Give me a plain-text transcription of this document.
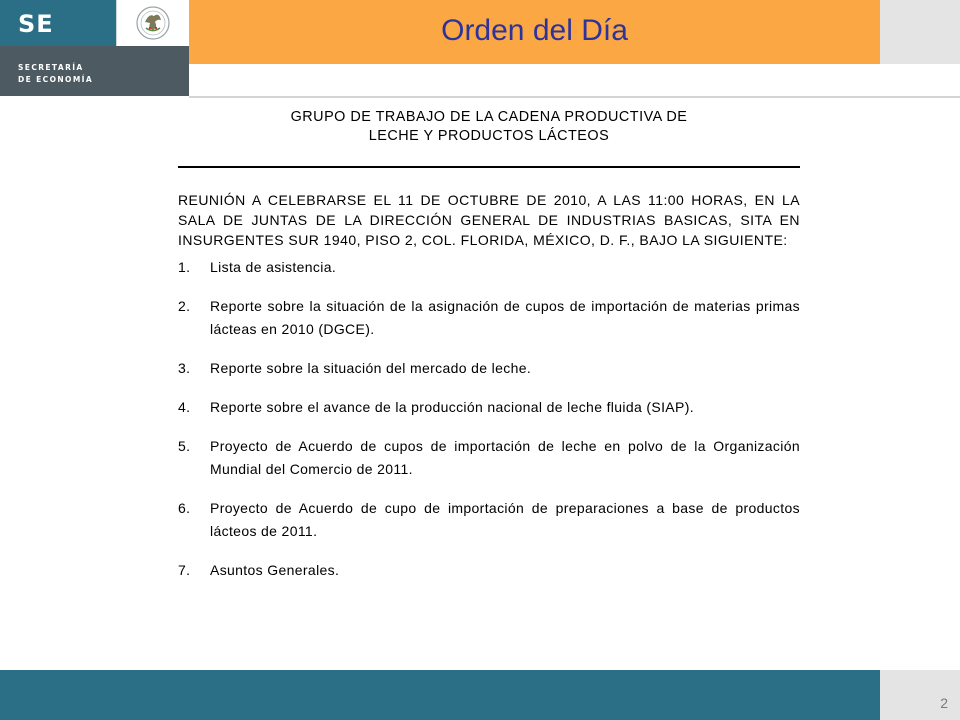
SE
SECRETARÍA
DE ECONOMÍA
Orden del Día
GRUPO DE TRABAJO DE LA CADENA PRODUCTIVA DE
LECHE Y PRODUCTOS LÁCTEOS

REUNIÓN A CELEBRARSE EL 11 DE OCTUBRE DE 2010, A LAS 11:00 HORAS, EN LA SALA DE JUNTAS DE LA DIRECCIÓN GENERAL DE INDUSTRIAS BASICAS, SITA EN INSURGENTES SUR 1940, PISO 2, COL. FLORIDA, MÉXICO, D. F., BAJO LA SIGUIENTE:

1. Lista de asistencia.
2. Reporte sobre la situación de la asignación de cupos de importación de materias primas lácteas en 2010 (DGCE).
3. Reporte sobre la situación del mercado de leche.
4. Reporte sobre el avance de la producción nacional de leche fluida (SIAP).
5. Proyecto de Acuerdo de cupos de importación de leche en polvo de la Organización Mundial del Comercio de 2011.
6. Proyecto de Acuerdo de cupo de importación de preparaciones a base de productos lácteos de 2011.
7. Asuntos Generales.
2
